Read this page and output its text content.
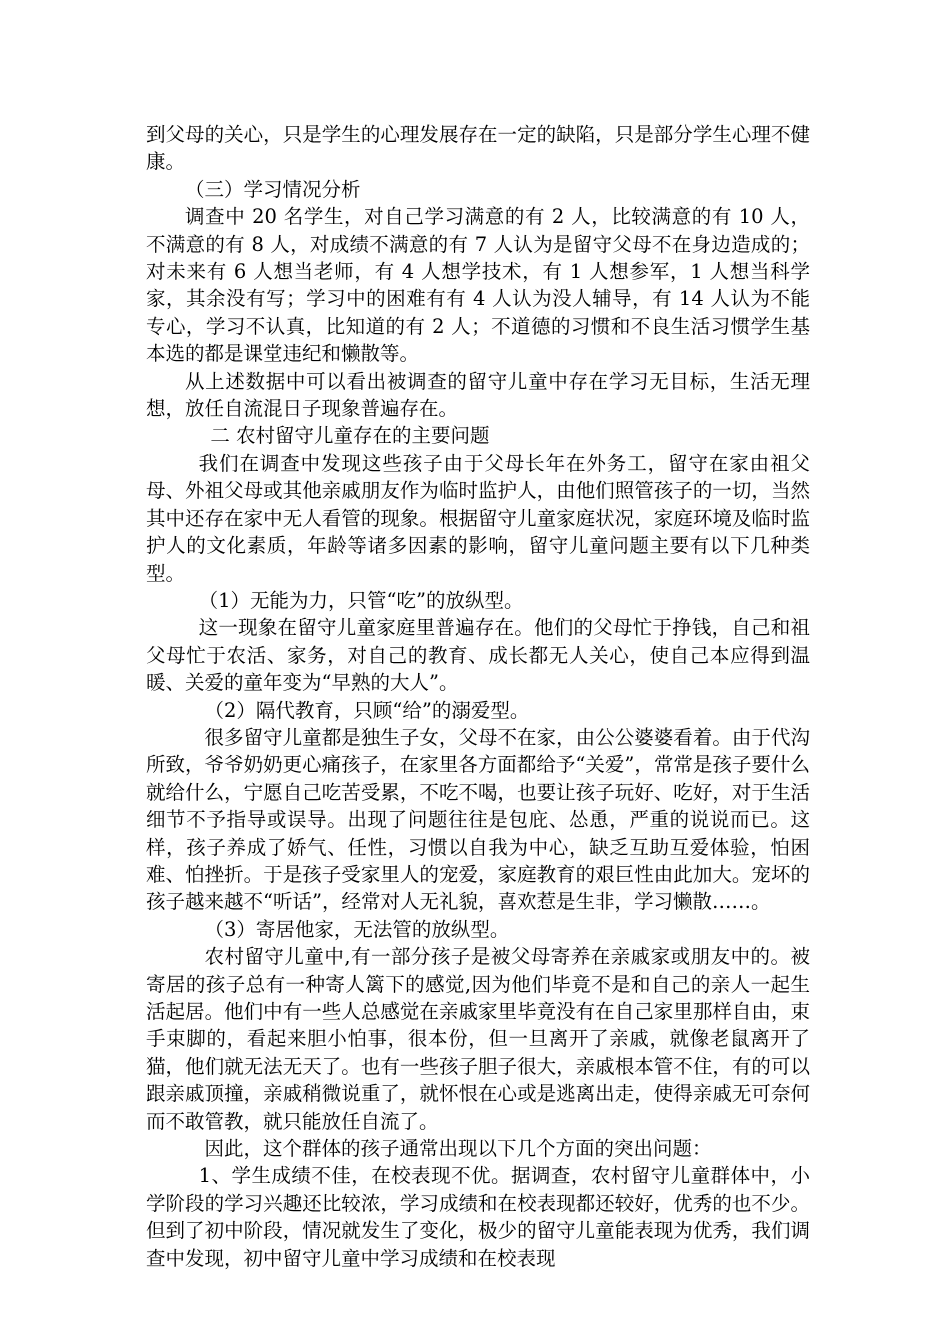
到父母的关心，只是学生的心理发展存在一定的缺陷，只是部分学生心理不健康。

（三）学习情况分析

调查中 20 名学生，对自己学习满意的有 2 人，比较满意的有 10 人，不满意的有 8 人，对成绩不满意的有 7 人认为是留守父母不在身边造成的；对未来有 6 人想当老师，有 4 人想学技术，有 1 人想参军，1 人想当科学家，其余没有写；学习中的困难有有 4 人认为没人辅导，有 14 人认为不能专心，学习不认真，比知道的有 2 人；不道德的习惯和不良生活习惯学生基本选的都是课堂违纪和懒散等。

从上述数据中可以看出被调查的留守儿童中存在学习无目标，生活无理想，放任自流混日子现象普遍存在。

二 农村留守儿童存在的主要问题

我们在调查中发现这些孩子由于父母长年在外务工，留守在家由祖父母、外祖父母或其他亲戚朋友作为临时监护人，由他们照管孩子的一切，当然其中还存在家中无人看管的现象。根据留守儿童家庭状况，家庭环境及临时监护人的文化素质，年龄等诸多因素的影响，留守儿童问题主要有以下几种类型。

（1）无能为力，只管“吃”的放纵型。

这一现象在留守儿童家庭里普遍存在。他们的父母忙于挣钱，自己和祖父母忙于农活、家务，对自己的教育、成长都无人关心，使自己本应得到温暖、关爱的童年变为“早熟的大人”。

（2）隔代教育，只顾“给”的溺爱型。

很多留守儿童都是独生子女，父母不在家，由公公婆婆看着。由于代沟所致，爷爷奶奶更心痛孩子，在家里各方面都给予“关爱”，常常是孩子要什么就给什么，宁愿自己吃苦受累，不吃不喝，也要让孩子玩好、吃好，对于生活细节不予指导或误导。出现了问题往往是包庇、怂恿，严重的说说而已。这样，孩子养成了娇气、任性，习惯以自我为中心，缺乏互助互爱体验，怕困难、怕挫折。于是孩子受家里人的宠爱，家庭教育的艰巨性由此加大。宠坏的孩子越来越不“听话”，经常对人无礼貌，喜欢惹是生非，学习懒散……。

（3）寄居他家，无法管的放纵型。

农村留守儿童中,有一部分孩子是被父母寄养在亲戚家或朋友中的。被寄居的孩子总有一种寄人篱下的感觉,因为他们毕竟不是和自己的亲人一起生活起居。他们中有一些人总感觉在亲戚家里毕竟没有在自己家里那样自由，束手束脚的，看起来胆小怕事，很本份，但一旦离开了亲戚，就像老鼠离开了猫，他们就无法无天了。也有一些孩子胆子很大，亲戚根本管不住，有的可以跟亲戚顶撞，亲戚稍微说重了，就怀恨在心或是逃离出走，使得亲戚无可奈何而不敢管教，就只能放任自流了。

因此，这个群体的孩子通常出现以下几个方面的突出问题：

1、学生成绩不佳，在校表现不优。据调查，农村留守儿童群体中，小学阶段的学习兴趣还比较浓，学习成绩和在校表现都还较好，优秀的也不少。但到了初中阶段，情况就发生了变化，极少的留守儿童能表现为优秀，我们调查中发现，初中留守儿童中学习成绩和在校表现
